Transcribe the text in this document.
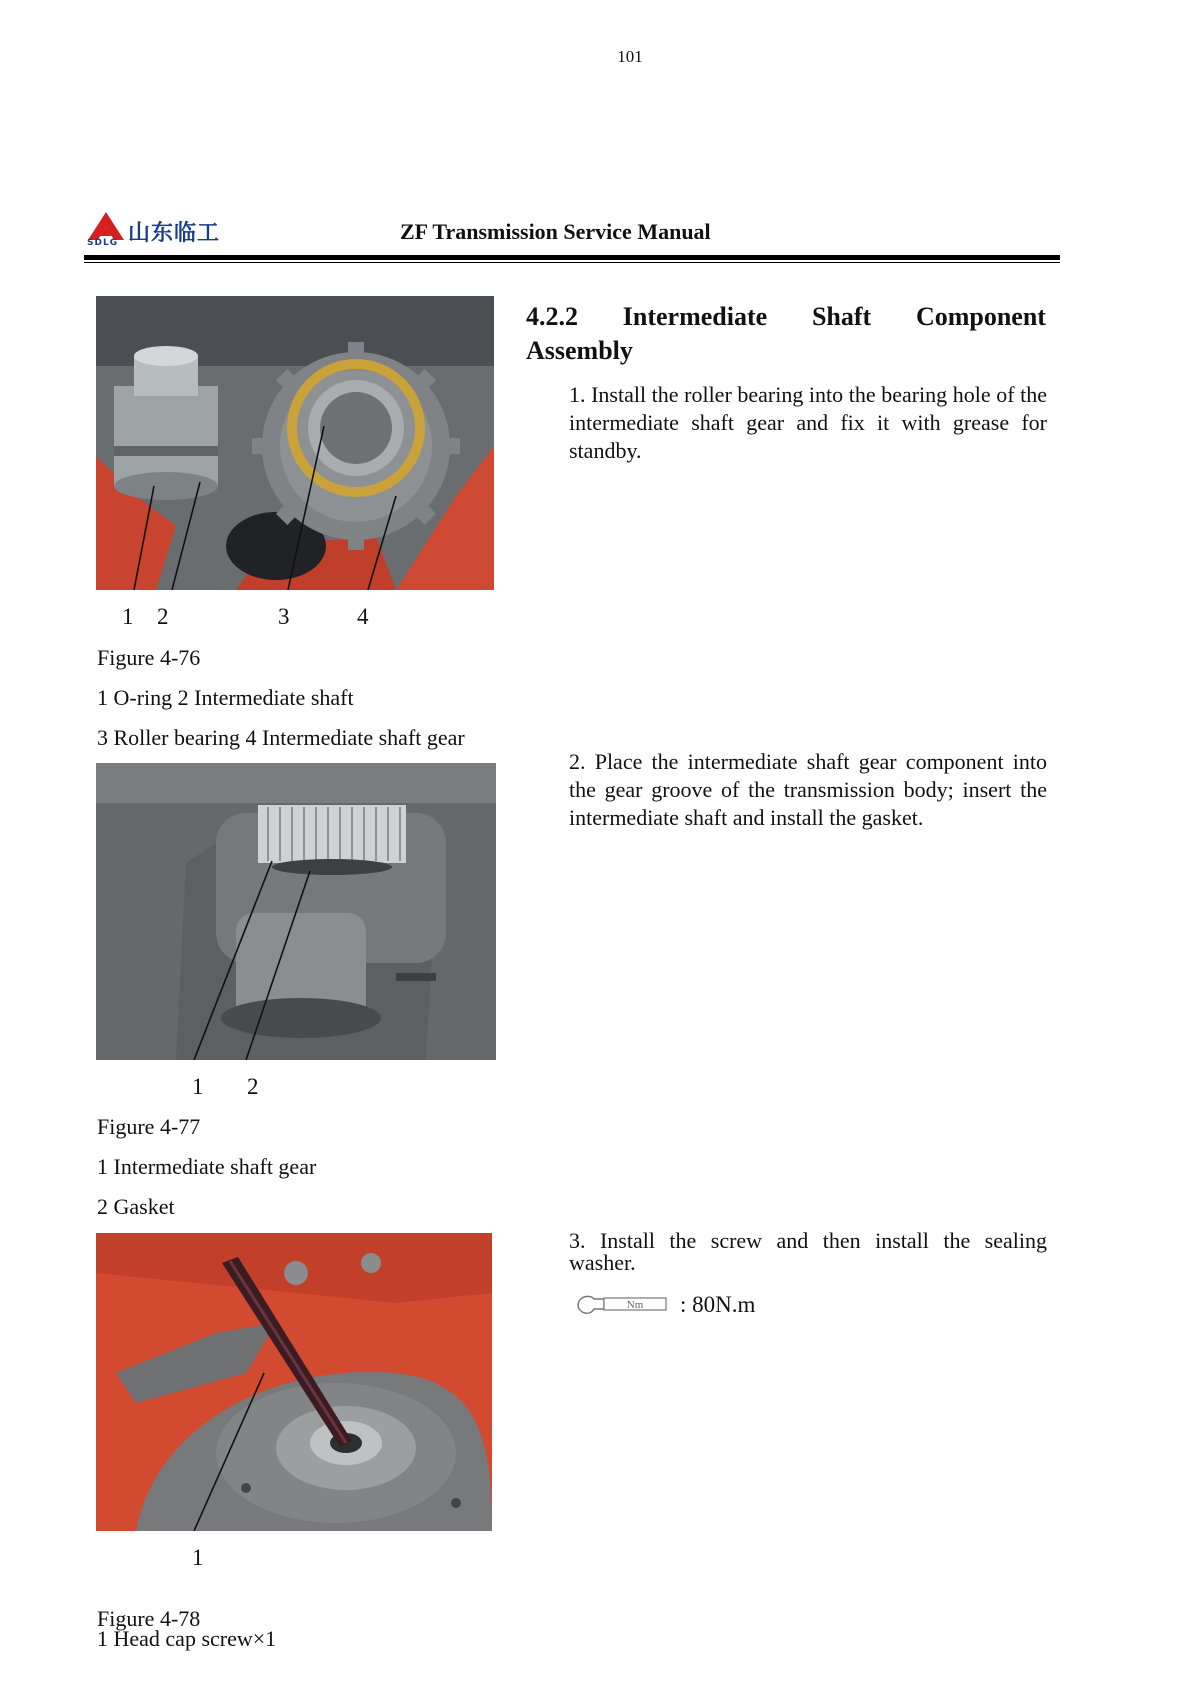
101
山东临工
SDLG	ZF Transmission Service Manual
4.2.2 Intermediate Shaft Component
Assembly
1. Install the roller bearing into the bearing hole of the intermediate shaft gear and fix it with grease for standby.
2. Place the intermediate shaft gear component into the gear groove of the transmission body; insert the intermediate shaft and install the gasket.
3. Install the screw and then install the sealing washer.
Nm : 80N.m
1 2	3	4
Figure 4-76
1 O-ring 2 Intermediate shaft
3 Roller bearing 4 Intermediate shaft gear
1 2
Figure 4-77
1 Intermediate shaft gear
2 Gasket
1
Figure 4-78
1 Head cap screw×1
